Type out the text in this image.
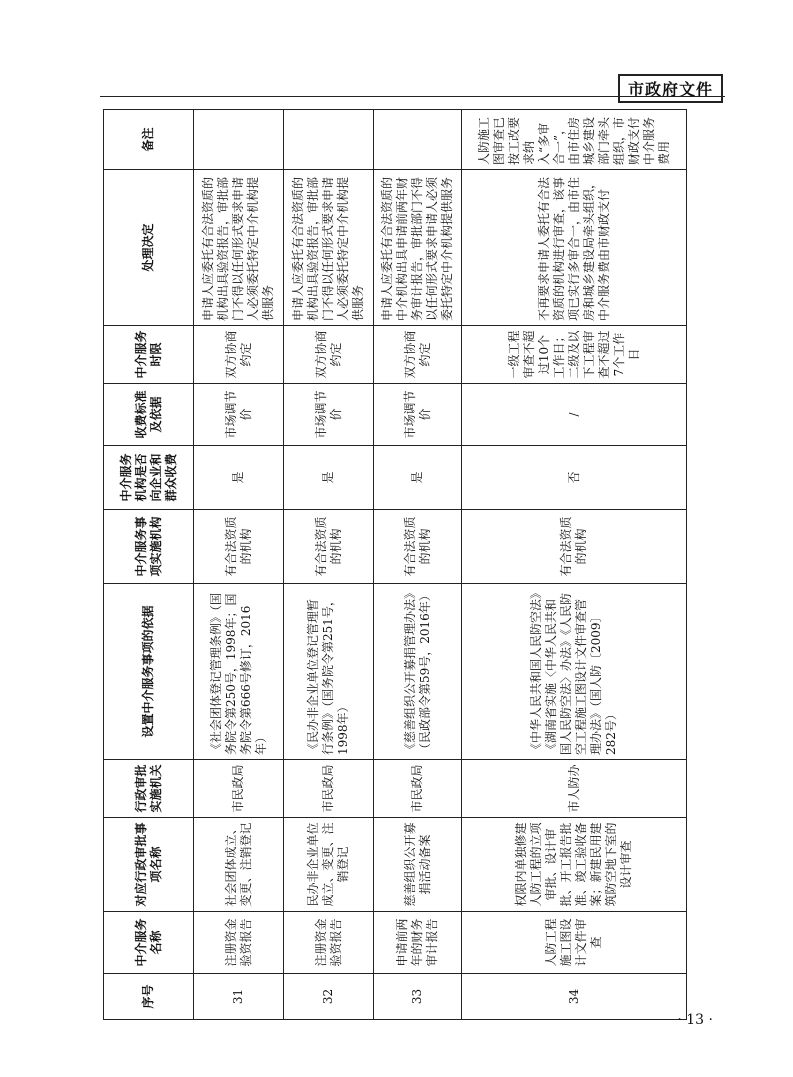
市政府文件
序号	中介服务名称	对应行政审批事项名称	行政审批实施机关	设置中介服务事项的依据	中介服务事项实施机构	中介服务机构是否向企业和群众收费	收费标准及依据	中介服务时限	处理决定	备注
31	注册资金验资报告	社会团体成立、变更、注销登记	市民政局	《社会团体登记管理条例》（国务院令第250号，1998年；国务院令第666号修订，2016年）	有合法资质的机构	是	市场调节价	双方协商约定	申请人应委托有合法资质的机构出具验资报告，审批部门不得以任何形式要求申请人必须委托特定中介机构提供服务	
32	注册资金验资报告	民办非企业单位成立、变更、注销登记	市民政局	《民办非企业单位登记管理暂行条例》（国务院令第251号，1998年）	有合法资质的机构	是	市场调节价	双方协商约定	申请人应委托有合法资质的机构出具验资报告，审批部门不得以任何形式要求申请人必须委托特定中介机构提供服务	
33	申请前两年的财务审计报告	慈善组织公开募捐活动备案	市民政局	《慈善组织公开募捐管理办法》（民政部令第59号，2016年）	有合法资质的机构	是	市场调节价	双方协商约定	申请人应委托有合法资质的中介机构出具申请前两年财务审计报告，审批部门不得以任何形式要求申请人必须委托特定中介机构提供服务	
34	人防工程施工图设计文件审查	权限内单独修建人防工程的立项审批、设计审批、开工报告批准、竣工验收备案；新建民用建筑防空地下室的设计审查	市人防办	《中华人民共和国人民防空法》《湖南省实施〈中华人民共和国人民防空法〉办法》《人民防空工程施工图设计文件审查管理办法》（国人防〔2009〕282号）	有合法资质的机构	否	/	一级工程审查不超过10个工作日；二级及以下工程审查不超过7个工作日	不再要求申请人委托有合法资质的机构进行审查，该事项已实行多审合一，由市住房和城乡建设局牵头组织，中介服务费由市财政支付	人防施工图审查已按工改要求纳入“多审合一”，由市住房城乡建设部门牵头组织，市财政支付中介服务费用
· 13 ·
